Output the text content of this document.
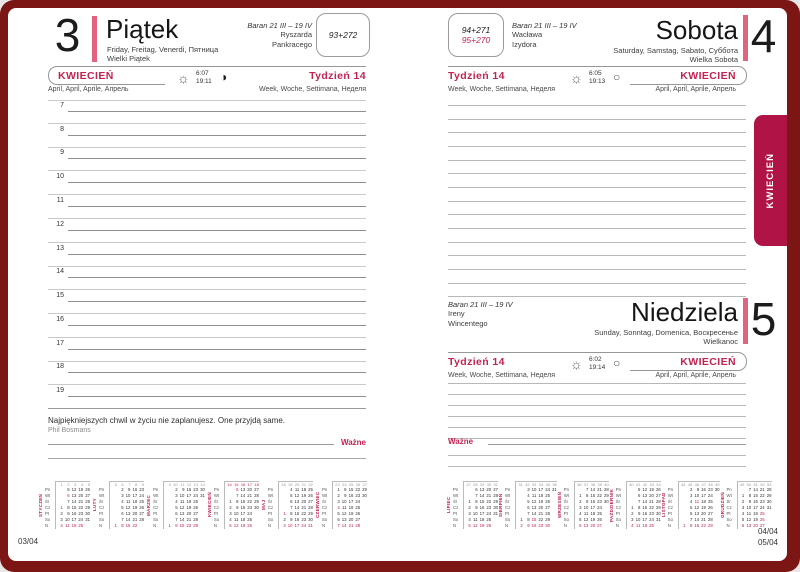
3 Piątek
Friday, Freitag, Venerdi, Пятница
Wielki Piątek
Baran 21 III – 19 IV
Ryszarda
Pankracego
93+272
KWIECIEŃ
April, April, Aprile, Апрель
☼ 6:07
19:11 ◑	Tydzień 14
Week, Woche, Settimana, Неделя
7
8
9
10
11
12
13
14
15
16
17
18
19
Najpiękniejszych chwil w życiu nie zaplanujesz. One przyjdą same.
Phil Bosmans
Ważne
STYCZEŃ
1	2	3	4	5
Pn	5 12 19 26
Wt	6 13 20 27
Śr	7 14 21 28
Cz	1	8 15 22 29
Pt	2	9 16 23 30
So	3 10 17 24 31
N	4 11 18 25
LUTY
5	6	7	8	9
Pn	2	9 16 23
Wt	3 10 17 24
Śr	4 11 18 25
Cz	5 12 19 26
Pt	6 13 20 27
So	7 14 21 28
N	1	8 15 22
MARZEC
9 10 11 12 13 14
Pn	2	9 16 23 30
Wt	3 10 17 24 31
Śr	4 11 18 25
Cz	5 12 19 26
Pt	6 13 20 27
So	7 14 21 28
N	1	8 15 22 29
KWIECIEŃ
14 15 16 17 18
Pn	6 13 20 27
Wt	7 14 21 28
Śr	1	8 15 22 29
Cz	2	9 16 23 30
Pt	3 10 17 24
So	4 11 18 25
N	5 12 19 26
MAJ
18 19 20 21 22
Pn	4 11 18 25
Wt	5 12 19 26
Śr	6 13 20 27
Cz	7 14 21 28
Pt	1	8 15 22 29
So	2	9 16 23 30
N	3 10 17 24 31
CZERWIEC
23 24 25 26 27
Pn	1	8 15 22 29
Wt	2	9 16 23 30
Śr	3 10 17 24
Cz	4 11 18 25
Pt	5 12 19 26
So	6 13 20 27
N	7 14 21 28
03/04
94+271
95+270
Baran 21 III – 19 IV
Wacława
Izydora	Sobota 4
Saturday, Samstag, Sabato, Суббота
Wielka Sobota
Tydzień 14
Week, Woche, Settimana, Неделя
☼ 6:05
19:13 ○	KWIECIEŃ
April, April, Aprile, Апрель
Baran 21 III – 19 IV
Ireny
Wincentego	Niedziela 5
Sunday, Sonntag, Domenica, Воскресенье
Wielkanoc
Tydzień 14
Week, Woche, Settimana, Неделя
☼ 6:02
19:14 ○	KWIECIEŃ
April, April, Aprile, Апрель
Ważne
LIPIEC
27 28 29 30 31
Pn	6 13 20 27
Wt	7 14 21 28
Śr	1	8 15 22 29
Cz	2	9 16 23 30
Pt	3 10 17 24 31
So	4 11 18 25
N	5 12 19 26
SIERPIEŃ
31 32 33 34 35 36
Pn	3 10 17 24 31
Wt	4 11 18 25
Śr	5 12 19 26
Cz	6 13 20 27
Pt	7 14 21 28
So	1	8 15 22 29
N	2	9 16 23 30
WRZESIEŃ
36 37 38 39 40
Pn	7 14 21 28
Wt	1	8 15 22 29
Śr	2	9 16 23 30
Cz	3 10 17 24
Pt	4 11 18 25
So	5 12 19 26
N	6 13 20 27
PAŹDZIERNIK
40 41 42 43 44
Pn	5 12 19 26
Wt	6 13 20 27
Śr	7 14 21 28
Cz	1	8 15 22 29
Pt	2	9 16 23 30
So	3 10 17 24 31
N	4 11 18 25
LISTOPAD
44 45 46 47 48 49
Pn	2	9 16 23 30
Wt	3 10 17 24
Śr	4 11 18 25
Cz	5 12 19 26
Pt	6 13 20 27
So	7 14 21 28
N	1	8 15 22 29
GRUDZIEŃ
49 50 51 52 53
Pn	7 14 21 28
Wt	1	8 15 22 29
Śr	2	9 16 23 30
Cz	3 10 17 24 31
Pt	4 11 18 25
So	5 12 19 26
N	6 13 20 27
04/04
05/04
KWIECIEŃ
